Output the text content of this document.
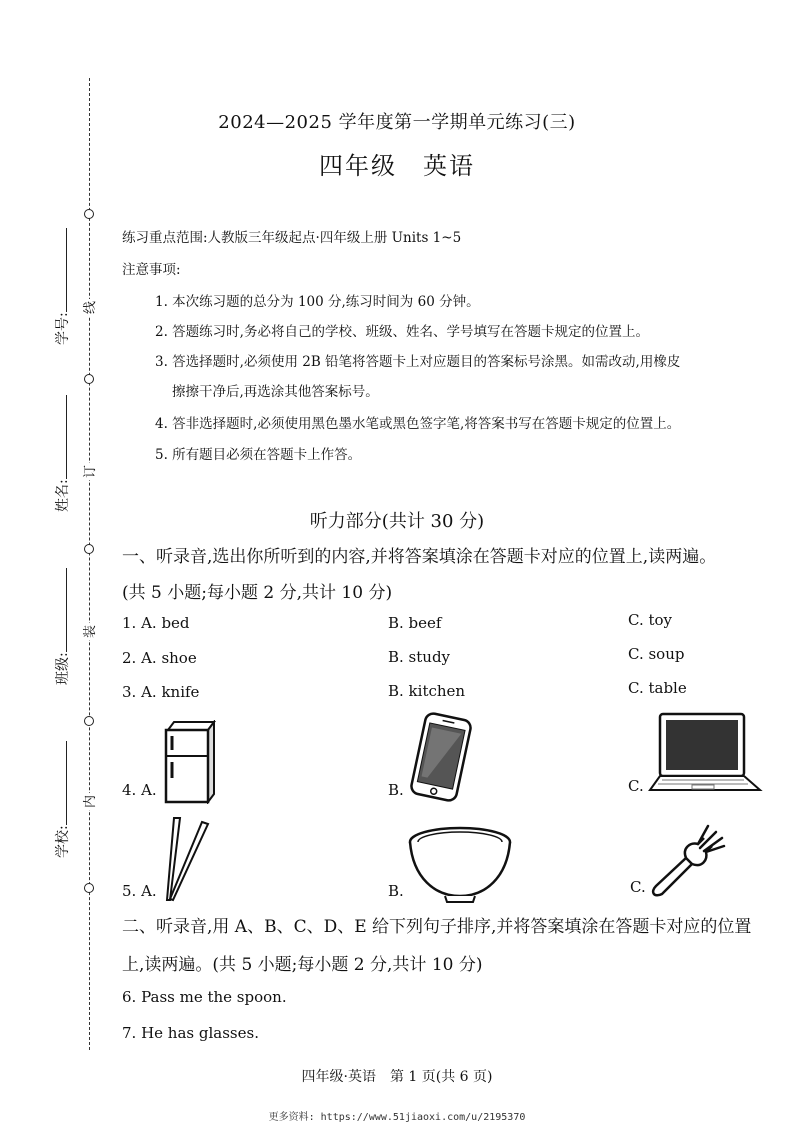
学号:
姓名:
班级:
学校:
线
订
装
内
2024—2025 学年度第一学期单元练习(三)
四年级　英语
练习重点范围:人教版三年级起点·四年级上册 Units 1~5
注意事项:
1. 本次练习题的总分为 100 分,练习时间为 60 分钟。
2. 答题练习时,务必将自己的学校、班级、姓名、学号填写在答题卡规定的位置上。
3. 答选择题时,必须使用 2B 铅笔将答题卡上对应题目的答案标号涂黑。如需改动,用橡皮
擦擦干净后,再选涂其他答案标号。
4. 答非选择题时,必须使用黑色墨水笔或黑色签字笔,将答案书写在答题卡规定的位置上。
5. 所有题目必须在答题卡上作答。
听力部分(共计 30 分)
一、听录音,选出你所听到的内容,并将答案填涂在答题卡对应的位置上,读两遍。
(共 5 小题;每小题 2 分,共计 10 分)
1. A. bed	B. beef	C. toy
2. A. shoe	B. study	C. soup
3. A. knife	B. kitchen	C. table
4. A.	B.	C.
5. A.	B.	C.
二、听录音,用 A、B、C、D、E 给下列句子排序,并将答案填涂在答题卡对应的位置
上,读两遍。(共 5 小题;每小题 2 分,共计 10 分)
6. Pass me the spoon.
7. He has glasses.
四年级·英语　第 1 页(共 6 页)
更多资料: https://www.51jiaoxi.com/u/2195370
